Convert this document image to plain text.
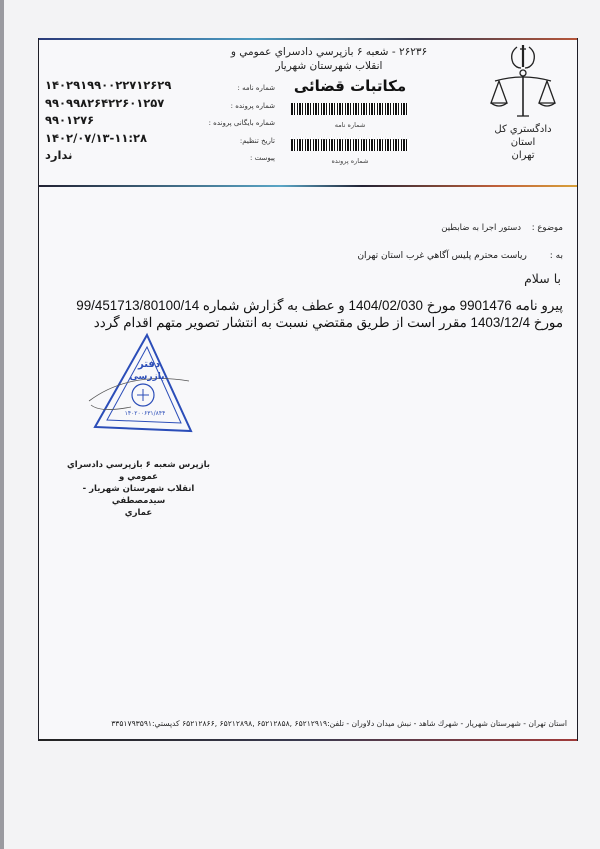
دادگستري كل استان
تهران
۲۶۲۳۶ - شعبه ۶ بازپرسي دادسراي عمومي و انقلاب شهرستان شهريار
مكاتبات قضائى
شماره نامه
شماره پرونده
شماره نامه :
شماره پرونده :
شماره بايگانى پرونده :
تاريخ تنظيم:
پيوست :
۱۴۰۲۹۱۹۹۰۰۲۲۷۱۲۶۲۹
۹۹۰۹۹۸۲۶۴۲۲۶۰۱۲۵۷
۹۹۰۱۲۷۶
۱۴۰۲/۰۷/۱۳-۱۱:۲۸
ندارد
موضوع : دستور اجرا به ضابطين
به : رياست محترم پليس آگاهي غرب استان تهران
با سلام
پيرو نامه 9901476 مورخ 1404/02/030 و عطف به گزارش شماره 99/451713/80100/14
مورخ 1403/12/4 مقرر است از طريق مقتضي نسبت به انتشار تصوير متهم اقدام گردد
دفتر
بازرسی
۱۴۰۲۰۰۶۳۱/۸۴۴
بازپرس شعبه ۶ بازپرسي دادسراي عمومي و
انقلاب شهرستان شهريار - سيدمصطفي
عماري
استان تهران - شهرستان شهريار - شهرك شاهد - نبش ميدان دلاوران - تلفن:۶۵۲۱۲۹۱۹ ,۶۵۲۱۲۸۵۸ ,۶۵۲۱۲۸۹۸ ,۶۵۲۱۲۸۶۶ كدپستي:۳۳۵۱۷۹۳۵۹۱
